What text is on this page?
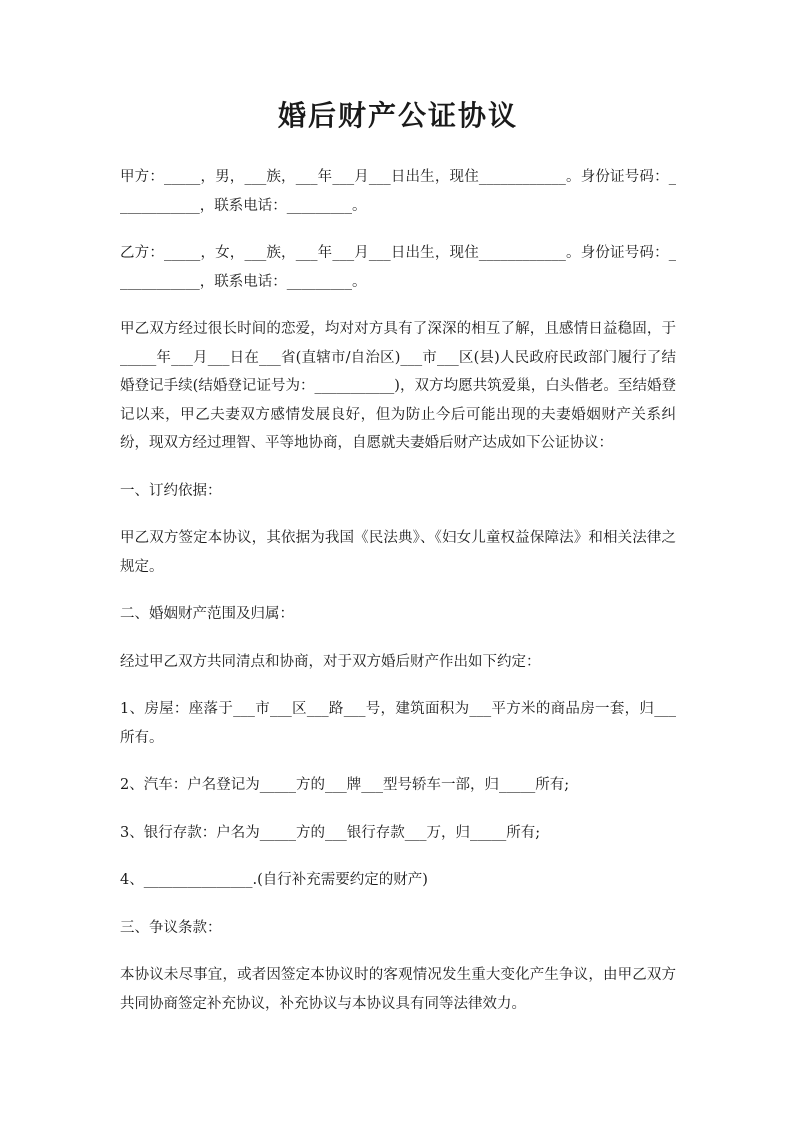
婚后财产公证协议

甲方：_____，男，___族，___年___月___日出生，现住____________。身份证号码：____________，联系电话：_________。

乙方：_____，女，___族，___年___月___日出生，现住____________。身份证号码：____________，联系电话：_________。

甲乙双方经过很长时间的恋爱，均对对方具有了深深的相互了解，且感情日益稳固，于_____年___月___日在___省(直辖市/自治区)___市___区(县)人民政府民政部门履行了结婚登记手续(结婚登记证号为：___________)，双方均愿共筑爱巢，白头偕老。至结婚登记以来，甲乙夫妻双方感情发展良好，但为防止今后可能出现的夫妻婚姻财产关系纠纷，现双方经过理智、平等地协商，自愿就夫妻婚后财产达成如下公证协议：

一、订约依据：

甲乙双方签定本协议，其依据为我国《民法典》、《妇女儿童权益保障法》和相关法律之规定。

二、婚姻财产范围及归属：

经过甲乙双方共同清点和协商，对于双方婚后财产作出如下约定：

1、房屋：座落于___市___区___路___号，建筑面积为___平方米的商品房一套，归___所有。

2、汽车：户名登记为_____方的___牌___型号轿车一部，归_____所有;

3、银行存款：户名为_____方的___银行存款___万，归_____所有;

4、_______________.(自行补充需要约定的财产)

三、争议条款：

本协议未尽事宜，或者因签定本协议时的客观情况发生重大变化产生争议，由甲乙双方共同协商签定补充协议，补充协议与本协议具有同等法律效力。
